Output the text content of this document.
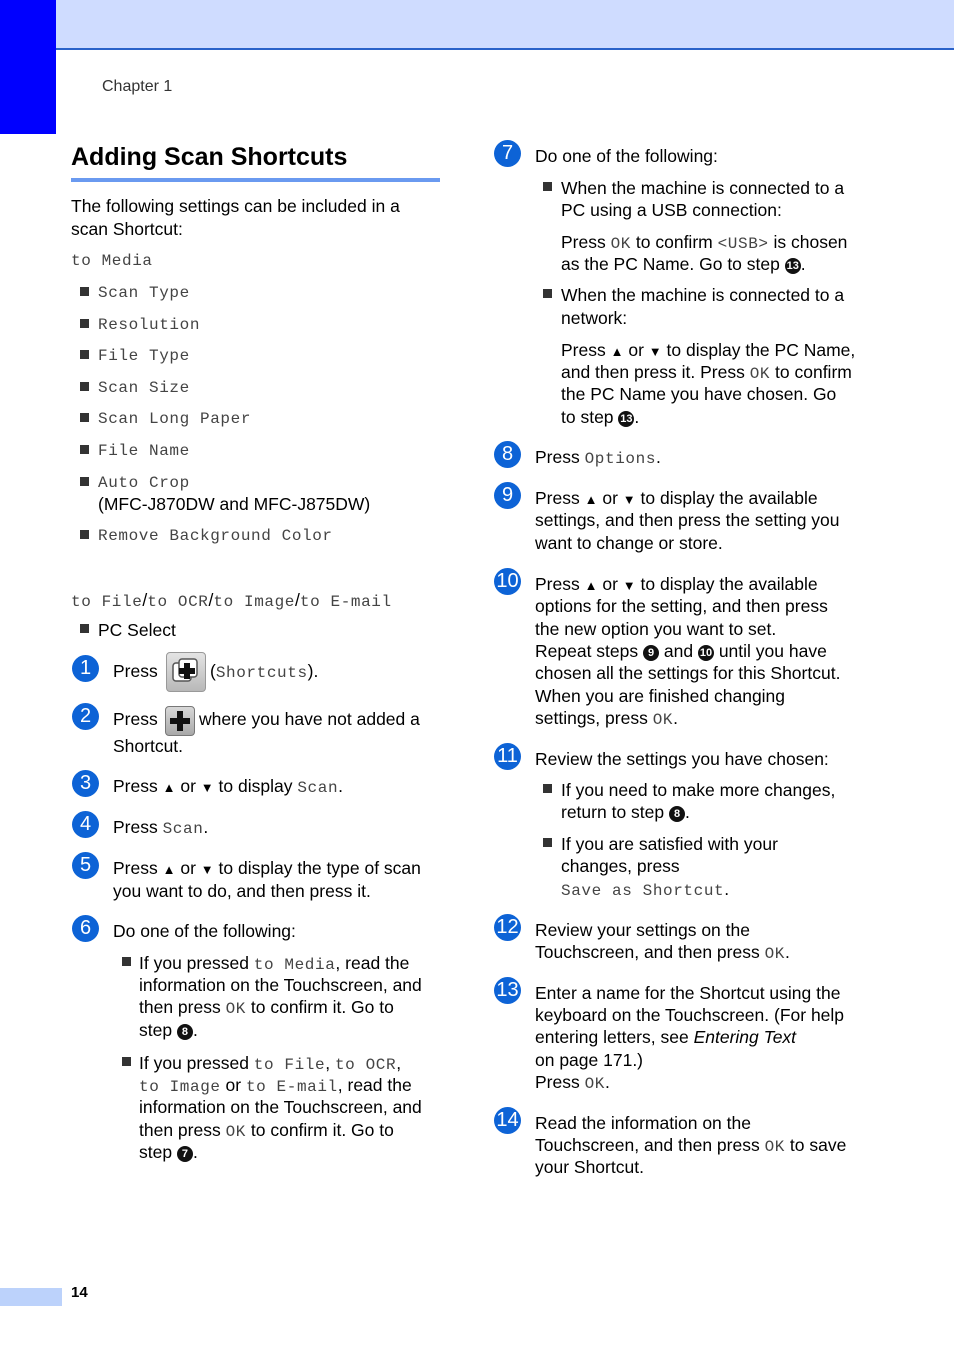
Chapter 1
Adding Scan Shortcuts

The following settings can be included in a

scan Shortcut:

to Media

Scan Type

Resolution

File Type

Scan Size

Scan Long Paper

File Name

Auto Crop

(MFC-J870DW and MFC-J875DW)

Remove Background Color

to File/to OCR/to Image/to E-mail

PC Select

1	Press	(Shortcuts).

2	Press where you have not added a

Shortcut.

3	Press ▲ or ▼ to display Scan.

4	Press Scan.

5	Press ▲ or ▼ to display the type of scan

you want to do, and then press it.

6	Do one of the following:

If you pressed to Media, read the

information on the Touchscreen, and

then press OK to confirm it. Go to

step 8 .

If you pressed to File, to OCR,

to Image or to E-mail, read the

information on the Touchscreen, and

then press OK to confirm it. Go to

step 7 .

7	Do one of the following:

When the machine is connected to a

PC using a USB connection:

Press OK to confirm <USB> is chosen

as the PC Name. Go to step 13 .

When the machine is connected to a

network:

Press ▲ or ▼ to display the PC Name,

and then press it. Press OK to confirm

the PC Name you have chosen. Go

to step 13 .

8	Press Options.

9	Press ▲ or ▼ to display the available

settings, and then press the setting you

want to change or store.

10 Press ▲ or ▼ to display the available

options for the setting, and then press

the new option you want to set.

Repeat steps 9 and 10 until you have

chosen all the settings for this Shortcut.

When you are finished changing

settings, press OK.

11 Review the settings you have chosen:

If you need to make more changes,

return to step 8 .

If you are satisfied with your

changes, press

Save as Shortcut.

12 Review your settings on the

Touchscreen, and then press OK.

13 Enter a name for the Shortcut using the

keyboard on the Touchscreen. (For help

entering letters, see Entering Text

on page 171.)

Press OK.

14 Read the information on the

Touchscreen, and then press OK to save

your Shortcut.

14
